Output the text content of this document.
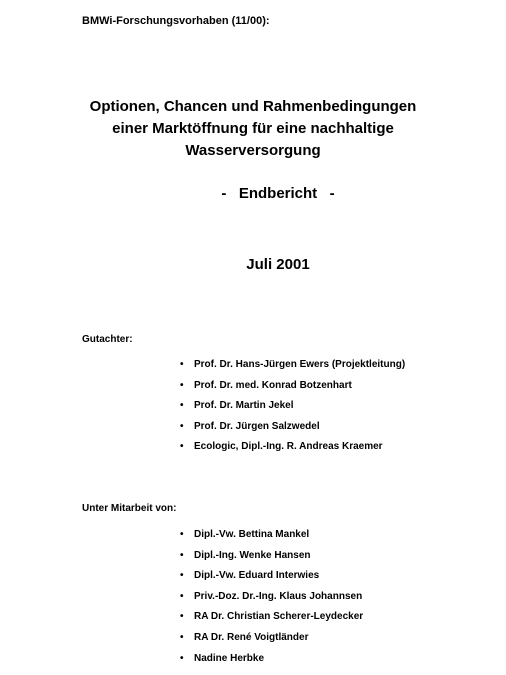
BMWi-Forschungsvorhaben (11/00):
Optionen, Chancen und Rahmenbedingungen
einer Marktöffnung für eine nachhaltige
Wasserversorgung
-   Endbericht   -
Juli 2001
Gutachter:
• Prof. Dr. Hans-Jürgen Ewers (Projektleitung)
• Prof. Dr. med. Konrad Botzenhart
• Prof. Dr. Martin Jekel
• Prof. Dr. Jürgen Salzwedel
• Ecologic, Dipl.-Ing. R. Andreas Kraemer
Unter Mitarbeit von:
• Dipl.-Vw. Bettina Mankel
• Dipl.-Ing. Wenke Hansen
• Dipl.-Vw. Eduard Interwies
• Priv.-Doz. Dr.-Ing. Klaus Johannsen
• RA Dr. Christian Scherer-Leydecker
• RA Dr. René Voigtländer
• Nadine Herbke
